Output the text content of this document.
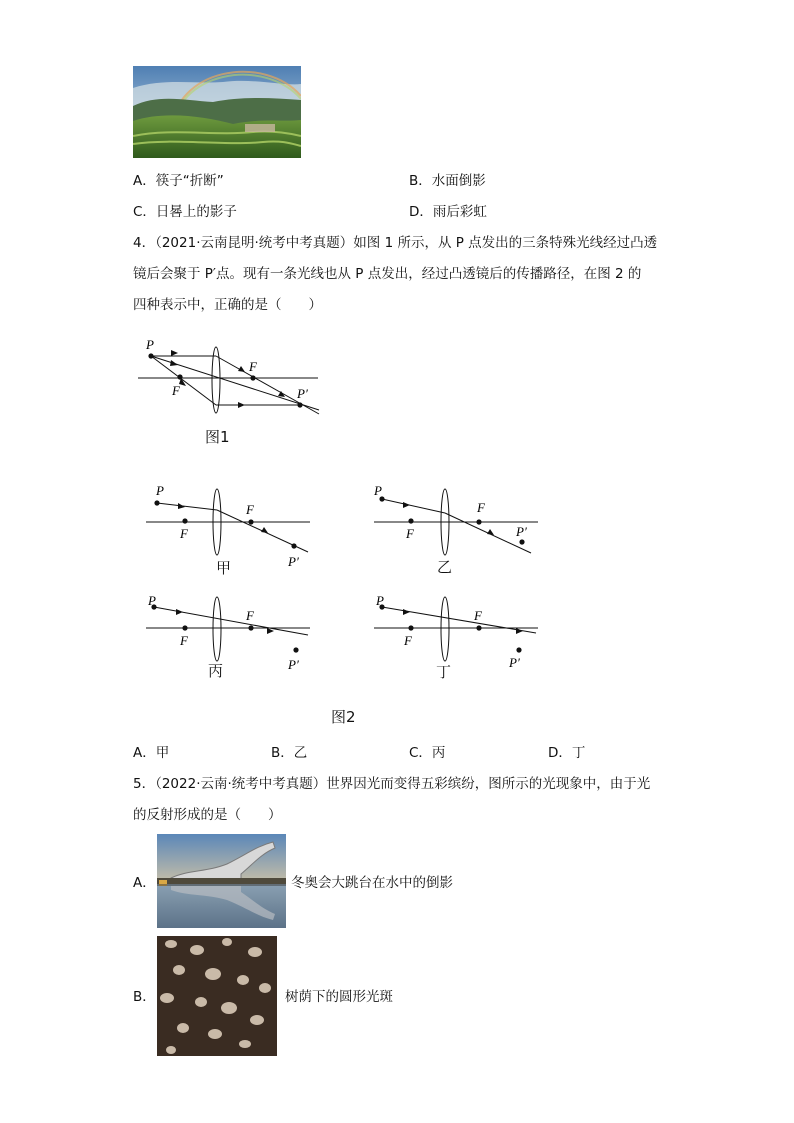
A．筷子“折断”	B．水面倒影
C．日晷上的影子	D．雨后彩虹
4．（2021·云南昆明·统考中考真题）如图 1 所示，从 P 点发出的三条特殊光线经过凸透
镜后会聚于 P′点。现有一条光线也从 P 点发出，经过凸透镜后的传播路径，在图 2 的
四种表示中，正确的是（　　）
P
F
F
P′
图1
P
F
F
P′
甲
P
F
F
P′
乙
P
F
F
P′
丙
P
F
F
P′
丁
图2
A．甲	B．乙	C．丙	D．丁
5．（2022·云南·统考中考真题）世界因光而变得五彩缤纷，图所示的光现象中，由于光
的反射形成的是（　　）
A．	冬奥会大跳台在水中的倒影
B．	树荫下的圆形光斑
